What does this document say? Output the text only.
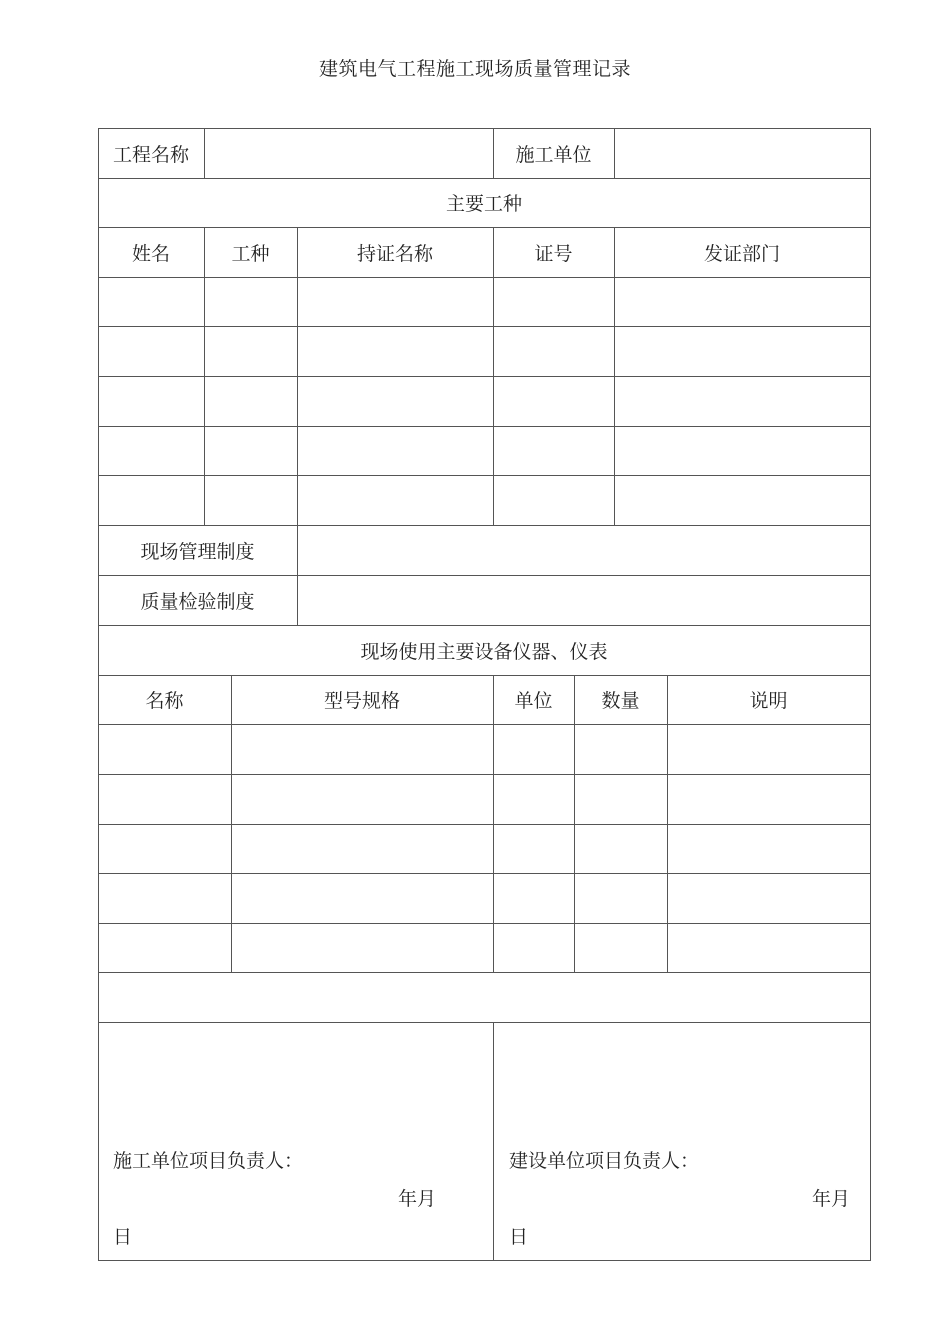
建筑电气工程施工现场质量管理记录
工程名称	施工单位
主要工种
姓名	工种	持证名称	证号	发证部门
现场管理制度
质量检验制度
现场使用主要设备仪器、仪表
名称	型号规格	单位	数量	说明
施工单位项目负责人：
年月
日
建设单位项目负责人：
年月
日
